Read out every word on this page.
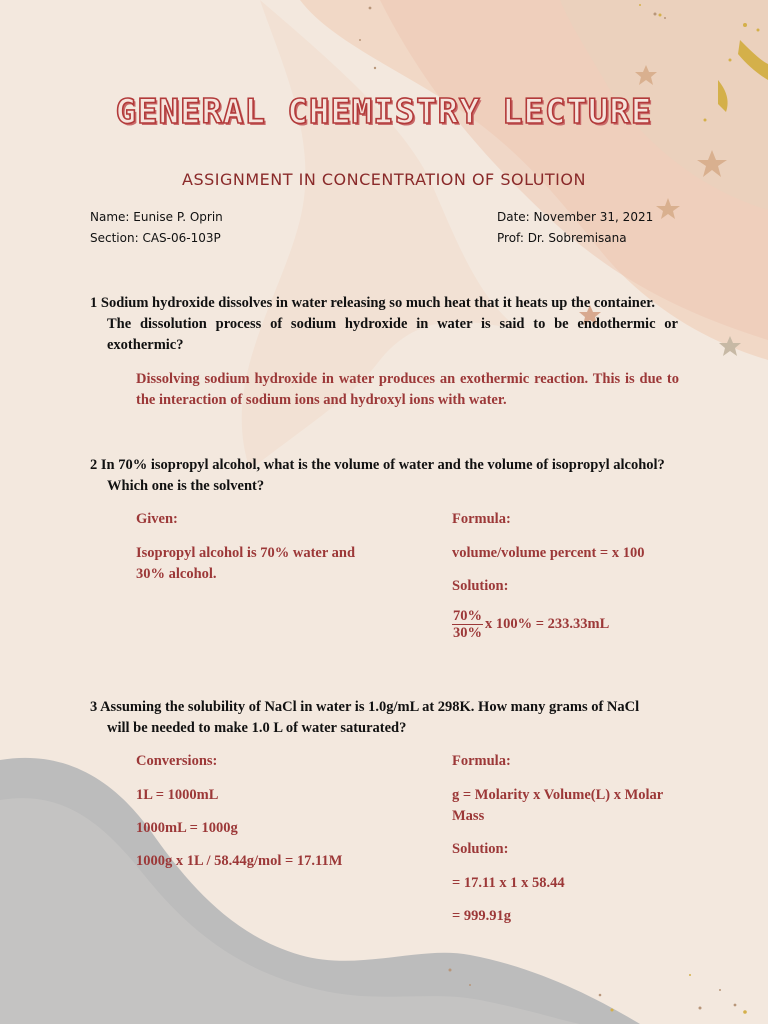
GENERAL CHEMISTRY LECTURE
ASSIGNMENT IN CONCENTRATION OF SOLUTION
Name: Eunise P. Oprin
Section: CAS-06-103P
Date: November 31, 2021
Prof: Dr. Sobremisana
1 Sodium hydroxide dissolves in water releasing so much heat that it heats up the container.
The dissolution process of sodium hydroxide in water is said to be endothermic or exothermic?
Dissolving sodium hydroxide in water produces an exothermic reaction. This is due to the interaction of sodium ions and hydroxyl ions with water.
2 In 70% isopropyl alcohol, what is the volume of water and the volume of isopropyl alcohol?
Which one is the solvent?
Given:
Isopropyl alcohol is 70% water and 30% alcohol.
Formula:
volume/volume percent = x 100
Solution:
$\frac{70\%}{30\%}$ x 100% = 233.33mL
3 Assuming the solubility of NaCl in water is 1.0g/mL at 298K. How many grams of NaCl
will be needed to make 1.0 L of water saturated?
Conversions:
1L = 1000mL
1000mL = 1000g
1000g x 1L / 58.44g/mol = 17.11M
Formula:
g = Molarity x Volume(L) x Molar Mass
Solution:
= 17.11 x 1 x 58.44
= 999.91g
